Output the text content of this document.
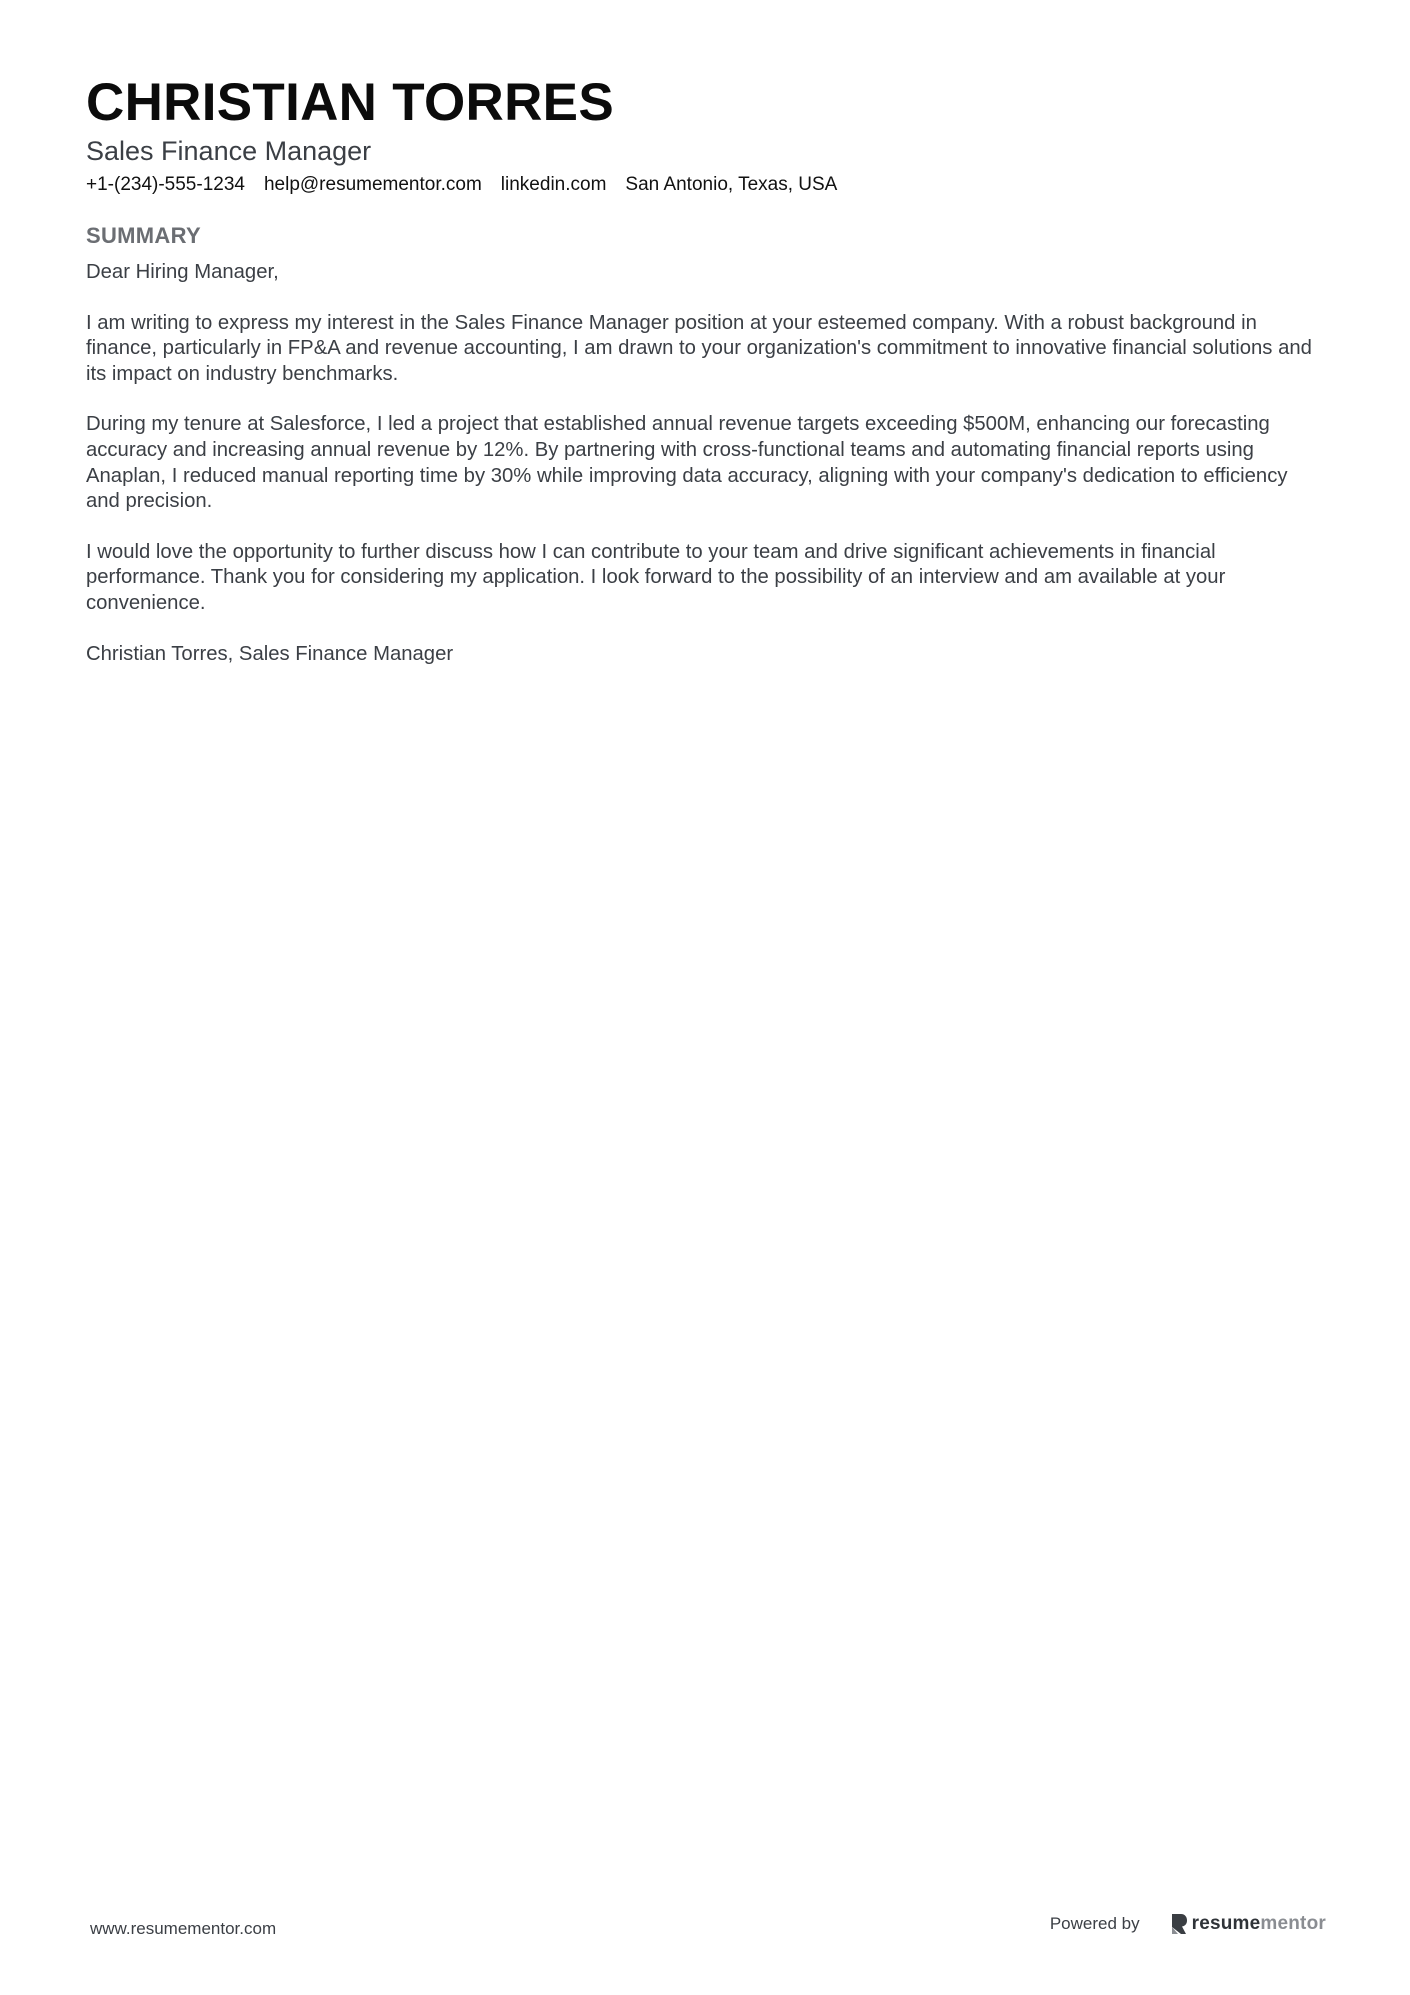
CHRISTIAN TORRES

Sales Finance Manager

+1-(234)-555-1234 help@resumementor.com linkedin.com San Antonio, Texas, USA
SUMMARY

Dear Hiring Manager,

I am writing to express my interest in the Sales Finance Manager position at your esteemed company. With a robust background in finance, particularly in FP&A and revenue accounting, I am drawn to your organization's commitment to innovative financial solutions and its impact on industry benchmarks.

During my tenure at Salesforce, I led a project that established annual revenue targets exceeding $500M, enhancing our forecasting accuracy and increasing annual revenue by 12%. By partnering with cross-functional teams and automating financial reports using Anaplan, I reduced manual reporting time by 30% while improving data accuracy, aligning with your company's dedication to efficiency and precision.

I would love the opportunity to further discuss how I can contribute to your team and drive significant achievements in financial performance. Thank you for considering my application. I look forward to the possibility of an interview and am available at your convenience.

Christian Torres, Sales Finance Manager

www.resumementor.com	Powered by	resumementor
